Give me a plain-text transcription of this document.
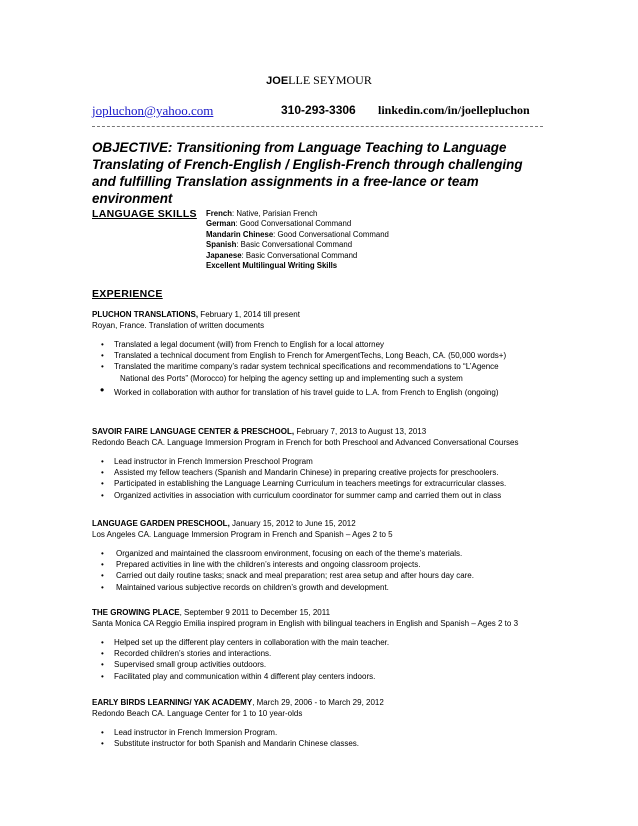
JOELLE SEYMOUR
jopluchon@yahoo.com	310-293-3306 linkedin.com/in/joellepluchon
OBJECTIVE: Transitioning from Language Teaching to Language Translating of French-English / English-French through challenging and fulfilling Translation assignments in a free-lance or team environment
LANGUAGE SKILLS French: Native, Parisian French
German: Good Conversational Command
Mandarin Chinese: Good Conversational Command
Spanish: Basic Conversational Command
Japanese: Basic Conversational Command
Excellent Multilingual Writing Skills
EXPERIENCE
PLUCHON TRANSLATIONS, February 1, 2014 till present
Royan, France. Translation of written documents
• Translated a legal document (will) from French to English for a local attorney
• Translated a technical document from English to French for AmergentTechs, Long Beach, CA. (50,000 words+)
• Translated the maritime company’s radar system technical specifications and recommendations to “L’Agence
National des Ports” (Morocco) for helping the agency setting up and implementing such a system
• Worked in collaboration with author for translation of his travel guide to L.A. from French to English (ongoing)
SAVOIR FAIRE LANGUAGE CENTER & PRESCHOOL, February 7, 2013 to August 13, 2013
Redondo Beach CA. Language Immersion Program in French for both Preschool and Advanced Conversational Courses
• Lead instructor in French Immersion Preschool Program
• Assisted my fellow teachers (Spanish and Mandarin Chinese) in preparing creative projects for preschoolers.
• Participated in establishing the Language Learning Curriculum in teachers meetings for extracurricular classes.
• Organized activities in association with curriculum coordinator for summer camp and carried them out in class
LANGUAGE GARDEN PRESCHOOL, January 15, 2012 to June 15, 2012
Los Angeles CA. Language Immersion Program in French and Spanish – Ages 2 to 5
• Organized and maintained the classroom environment, focusing on each of the theme’s materials.
• Prepared activities in line with the children’s interests and ongoing classroom projects.
• Carried out daily routine tasks; snack and meal preparation; rest area setup and after hours day care.
• Maintained various subjective records on children’s growth and development.
THE GROWING PLACE, September 9 2011 to December 15, 2011
Santa Monica CA Reggio Emilia inspired program in English with bilingual teachers in English and Spanish – Ages 2 to 3
• Helped set up the different play centers in collaboration with the main teacher.
• Recorded children’s stories and interactions.
• Supervised small group activities outdoors.
• Facilitated play and communication within 4 different play centers indoors.
EARLY BIRDS LEARNING/ YAK ACADEMY, March 29, 2006 - to March 29, 2012
Redondo Beach CA. Language Center for 1 to 10 year-olds
• Lead instructor in French Immersion Program.
• Substitute instructor for both Spanish and Mandarin Chinese classes.
